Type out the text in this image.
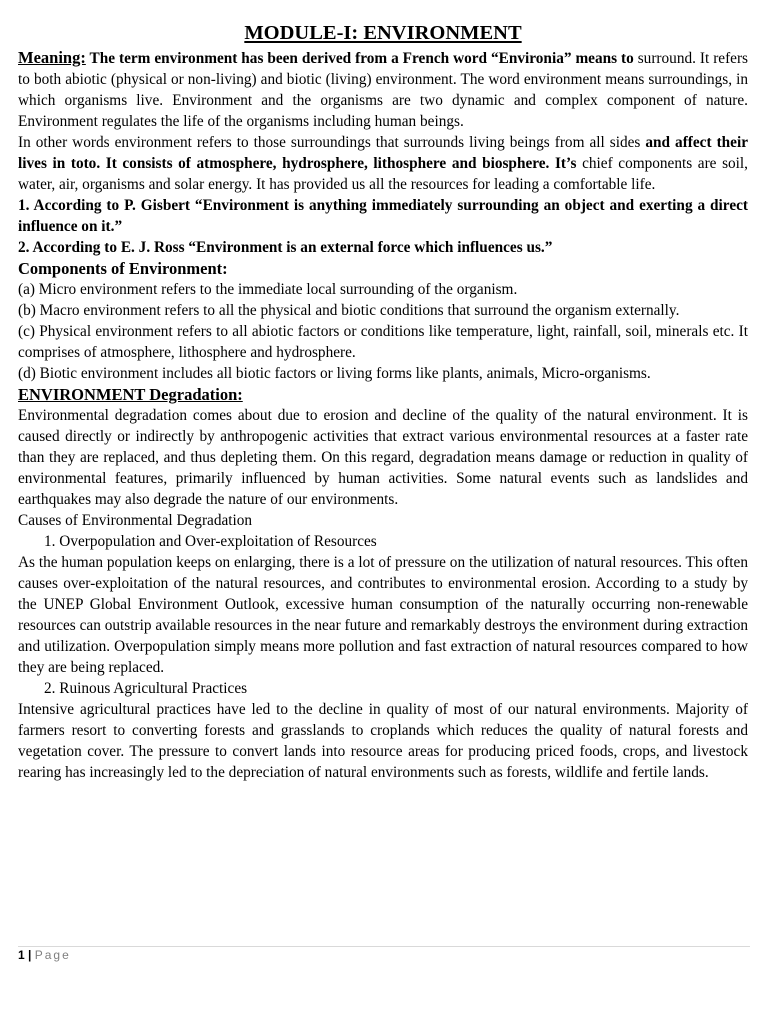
MODULE-I: ENVIRONMENT

Meaning: The term environment has been derived from a French word “Environia” means to surround. It refers to both abiotic (physical or non-living) and biotic (living) environment. The word environment means surroundings, in which organisms live. Environment and the organisms are two dynamic and complex component of nature. Environment regulates the life of the organisms including human beings.

In other words environment refers to those surroundings that surrounds living beings from all sides and affect their lives in toto. It consists of atmosphere, hydrosphere, lithosphere and biosphere. It’s chief components are soil, water, air, organisms and solar energy. It has provided us all the resources for leading a comfortable life.

1. According to P. Gisbert “Environment is anything immediately surrounding an object and exerting a direct influence on it.”

2. According to E. J. Ross “Environment is an external force which influences us.”

Components of Environment:

(a) Micro environment refers to the immediate local surrounding of the organism.

(b) Macro environment refers to all the physical and biotic conditions that surround the organism externally.

(c) Physical environment refers to all abiotic factors or conditions like temperature, light, rainfall, soil, minerals etc. It comprises of atmosphere, lithosphere and hydrosphere.

(d) Biotic environment includes all biotic factors or living forms like plants, animals, Micro-organisms.

ENVIRONMENT Degradation:

Environmental degradation comes about due to erosion and decline of the quality of the natural environment. It is caused directly or indirectly by anthropogenic activities that extract various environmental resources at a faster rate than they are replaced, and thus depleting them. On this regard, degradation means damage or reduction in quality of environmental features, primarily influenced by human activities. Some natural events such as landslides and earthquakes may also degrade the nature of our environments.

Causes of Environmental Degradation

1. Overpopulation and Over-exploitation of Resources

As the human population keeps on enlarging, there is a lot of pressure on the utilization of natural resources. This often causes over-exploitation of the natural resources, and contributes to environmental erosion. According to a study by the UNEP Global Environment Outlook, excessive human consumption of the naturally occurring non-renewable resources can outstrip available resources in the near future and remarkably destroys the environment during extraction and utilization. Overpopulation simply means more pollution and fast extraction of natural resources compared to how they are being replaced.

2. Ruinous Agricultural Practices

Intensive agricultural practices have led to the decline in quality of most of our natural environments. Majority of farmers resort to converting forests and grasslands to croplands which reduces the quality of natural forests and vegetation cover. The pressure to convert lands into resource areas for producing priced foods, crops, and livestock rearing has increasingly led to the depreciation of natural environments such as forests, wildlife and fertile lands.

1 | Page
